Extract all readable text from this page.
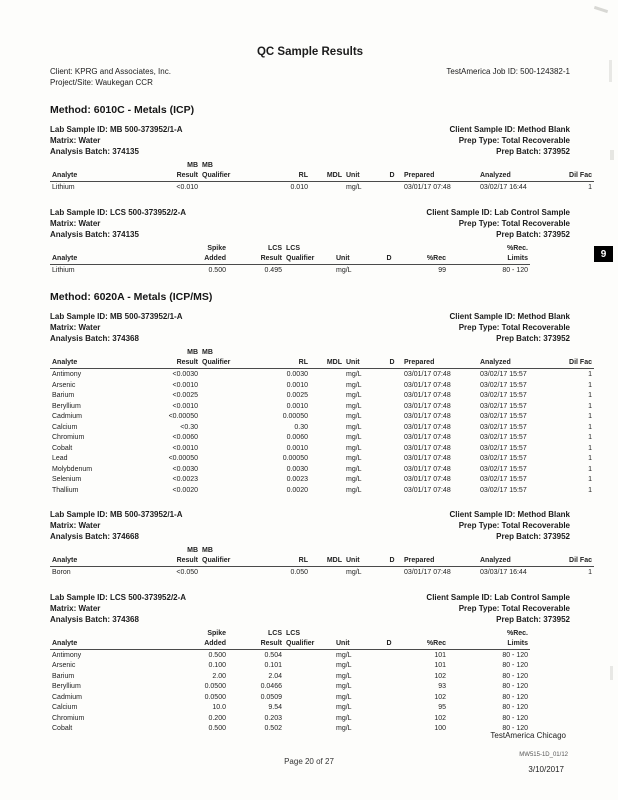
QC Sample Results
Client: KPRG and Associates, Inc.
Project/Site: Waukegan CCR
TestAmerica Job ID: 500-124382-1
Method: 6010C - Metals (ICP)
Lab Sample ID: MB 500-373952/1-A
Matrix: Water
Analysis Batch: 374135
Client Sample ID: Method Blank
Prep Type: Total Recoverable
Prep Batch: 373952
	MB	MB							
Analyte	Result	Qualifier	RL	MDL	Unit	D	Prepared	Analyzed	Dil Fac
Lithium	<0.010		0.010		mg/L		03/01/17 07:48	03/02/17 16:44	1
Lab Sample ID: LCS 500-373952/2-A
Matrix: Water
Analysis Batch: 374135
Client Sample ID: Lab Control Sample
Prep Type: Total Recoverable
Prep Batch: 373952
	Spike	LCS	LCS				%Rec.
Analyte	Added	Result	Qualifier	Unit	D	%Rec	Limits
Lithium	0.500	0.495		mg/L		99	80 - 120
Method: 6020A - Metals (ICP/MS)
Lab Sample ID: MB 500-373952/1-A
Matrix: Water
Analysis Batch: 374368
Client Sample ID: Method Blank
Prep Type: Total Recoverable
Prep Batch: 373952
	MB	MB							
Analyte	Result	Qualifier	RL	MDL	Unit	D	Prepared	Analyzed	Dil Fac
Antimony	<0.0030		0.0030		mg/L		03/01/17 07:48	03/02/17 15:57	1
Arsenic	<0.0010		0.0010		mg/L		03/01/17 07:48	03/02/17 15:57	1
Barium	<0.0025		0.0025		mg/L		03/01/17 07:48	03/02/17 15:57	1
Beryllium	<0.0010		0.0010		mg/L		03/01/17 07:48	03/02/17 15:57	1
Cadmium	<0.00050		0.00050		mg/L		03/01/17 07:48	03/02/17 15:57	1
Calcium	<0.30		0.30		mg/L		03/01/17 07:48	03/02/17 15:57	1
Chromium	<0.0060		0.0060		mg/L		03/01/17 07:48	03/02/17 15:57	1
Cobalt	<0.0010		0.0010		mg/L		03/01/17 07:48	03/02/17 15:57	1
Lead	<0.00050		0.00050		mg/L		03/01/17 07:48	03/02/17 15:57	1
Molybdenum	<0.0030		0.0030		mg/L		03/01/17 07:48	03/02/17 15:57	1
Selenium	<0.0023		0.0023		mg/L		03/01/17 07:48	03/02/17 15:57	1
Thallium	<0.0020		0.0020		mg/L		03/01/17 07:48	03/02/17 15:57	1
Lab Sample ID: MB 500-373952/1-A
Matrix: Water
Analysis Batch: 374668
Client Sample ID: Method Blank
Prep Type: Total Recoverable
Prep Batch: 373952
	MB	MB							
Analyte	Result	Qualifier	RL	MDL	Unit	D	Prepared	Analyzed	Dil Fac
Boron	<0.050		0.050		mg/L		03/01/17 07:48	03/03/17 16:44	1
Lab Sample ID: LCS 500-373952/2-A
Matrix: Water
Analysis Batch: 374368
Client Sample ID: Lab Control Sample
Prep Type: Total Recoverable
Prep Batch: 373952
	Spike	LCS	LCS				%Rec.
Analyte	Added	Result	Qualifier	Unit	D	%Rec	Limits
Antimony	0.500	0.504		mg/L		101	80 - 120
Arsenic	0.100	0.101		mg/L		101	80 - 120
Barium	2.00	2.04		mg/L		102	80 - 120
Beryllium	0.0500	0.0466		mg/L		93	80 - 120
Cadmium	0.0500	0.0509		mg/L		102	80 - 120
Calcium	10.0	9.54		mg/L		95	80 - 120
Chromium	0.200	0.203		mg/L		102	80 - 120
Cobalt	0.500	0.502		mg/L		100	80 - 120
9
TestAmerica Chicago
Page 20 of 27
MW515-1D_01/12
3/10/2017
